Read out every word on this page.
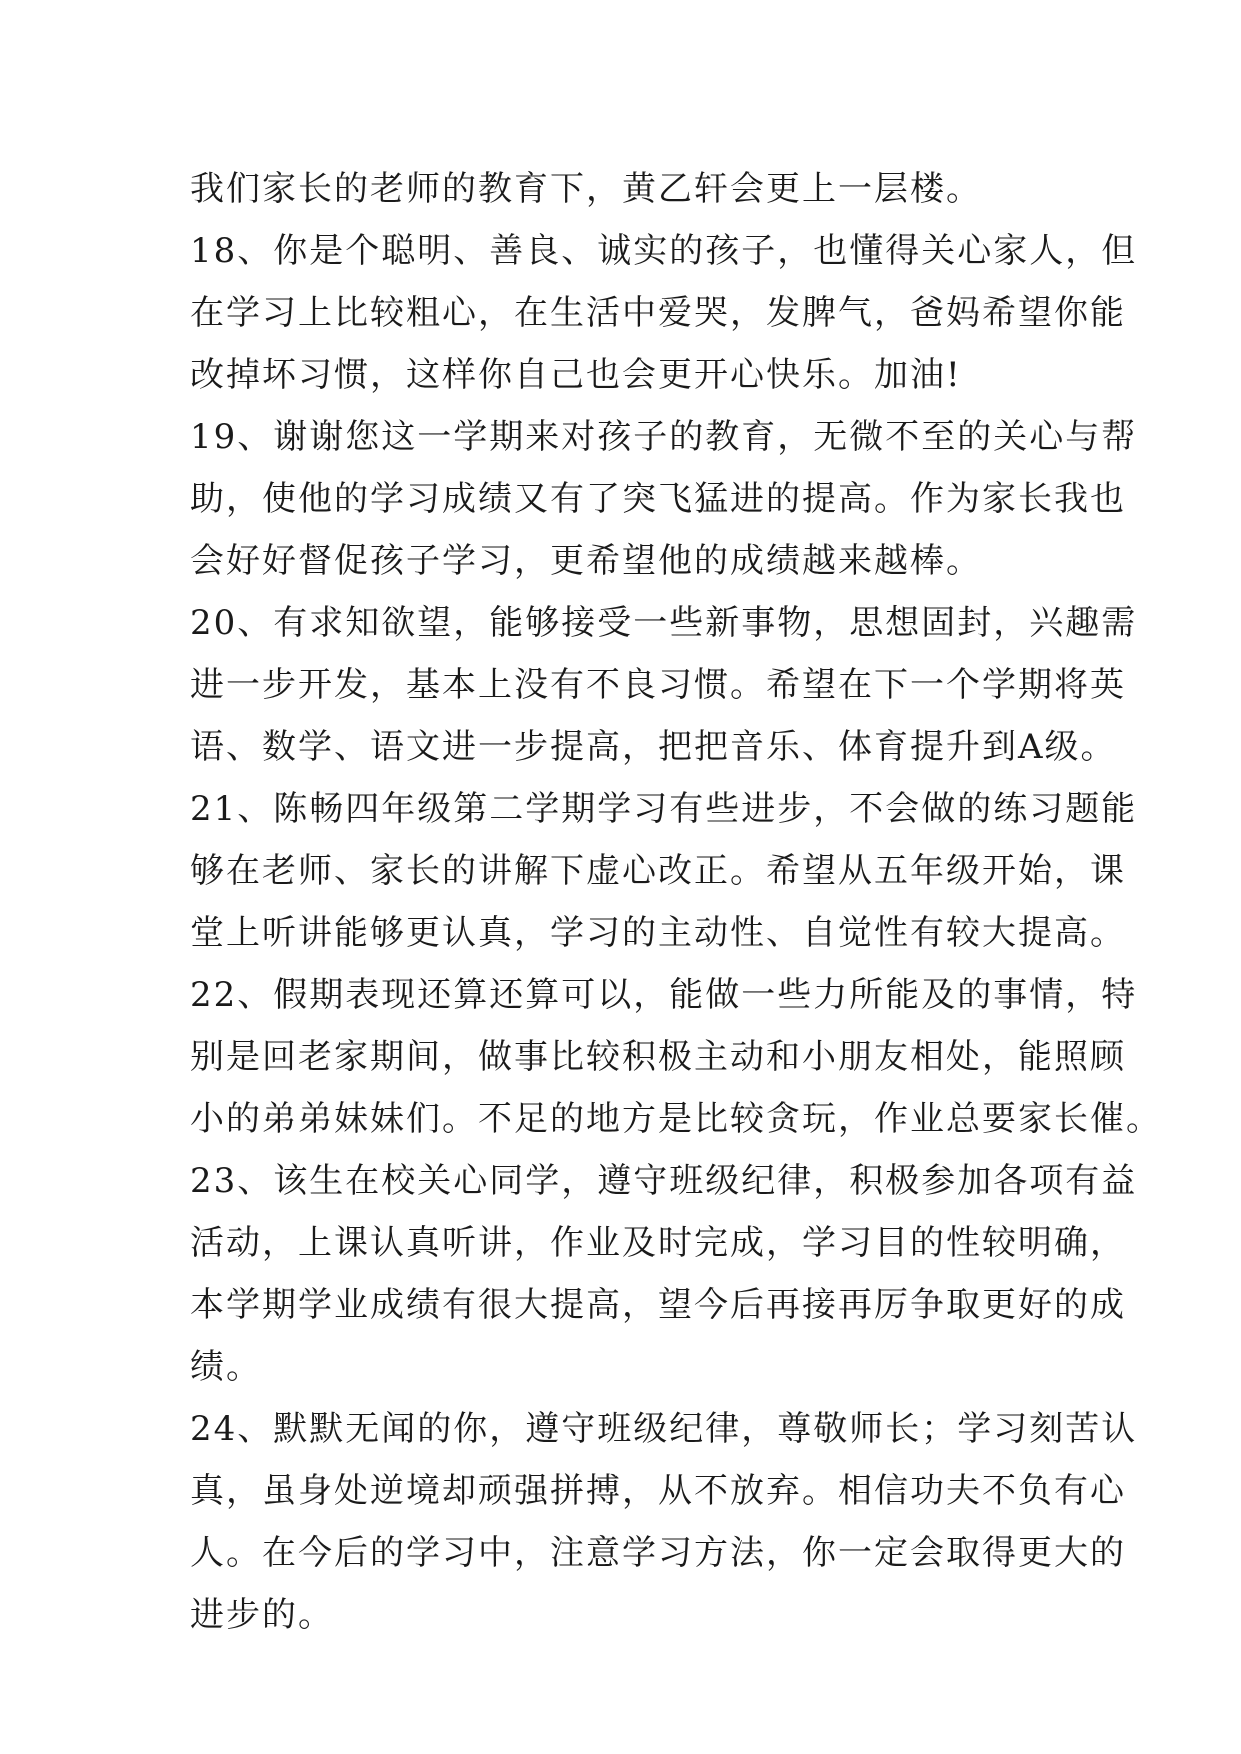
我们家长的老师的教育下，黄乙轩会更上一层楼。
18、你是个聪明、善良、诚实的孩子，也懂得关心家人，但
在学习上比较粗心，在生活中爱哭，发脾气，爸妈希望你能
改掉坏习惯，这样你自己也会更开心快乐。加油!
19、谢谢您这一学期来对孩子的教育，无微不至的关心与帮
助，使他的学习成绩又有了突飞猛进的提高。作为家长我也
会好好督促孩子学习，更希望他的成绩越来越棒。
20、有求知欲望，能够接受一些新事物，思想固封，兴趣需
进一步开发，基本上没有不良习惯。希望在下一个学期将英
语、数学、语文进一步提高，把把音乐、体育提升到A级。
21、陈畅四年级第二学期学习有些进步，不会做的练习题能
够在老师、家长的讲解下虚心改正。希望从五年级开始，课
堂上听讲能够更认真，学习的主动性、自觉性有较大提高。
22、假期表现还算还算可以，能做一些力所能及的事情，特
别是回老家期间，做事比较积极主动和小朋友相处，能照顾
小的弟弟妹妹们。不足的地方是比较贪玩，作业总要家长催。
23、该生在校关心同学，遵守班级纪律，积极参加各项有益
活动，上课认真听讲，作业及时完成，学习目的性较明确，
本学期学业成绩有很大提高，望今后再接再厉争取更好的成
绩。
24、默默无闻的你，遵守班级纪律，尊敬师长；学习刻苦认
真，虽身处逆境却顽强拼搏，从不放弃。相信功夫不负有心
人。在今后的学习中，注意学习方法，你一定会取得更大的
进步的。
